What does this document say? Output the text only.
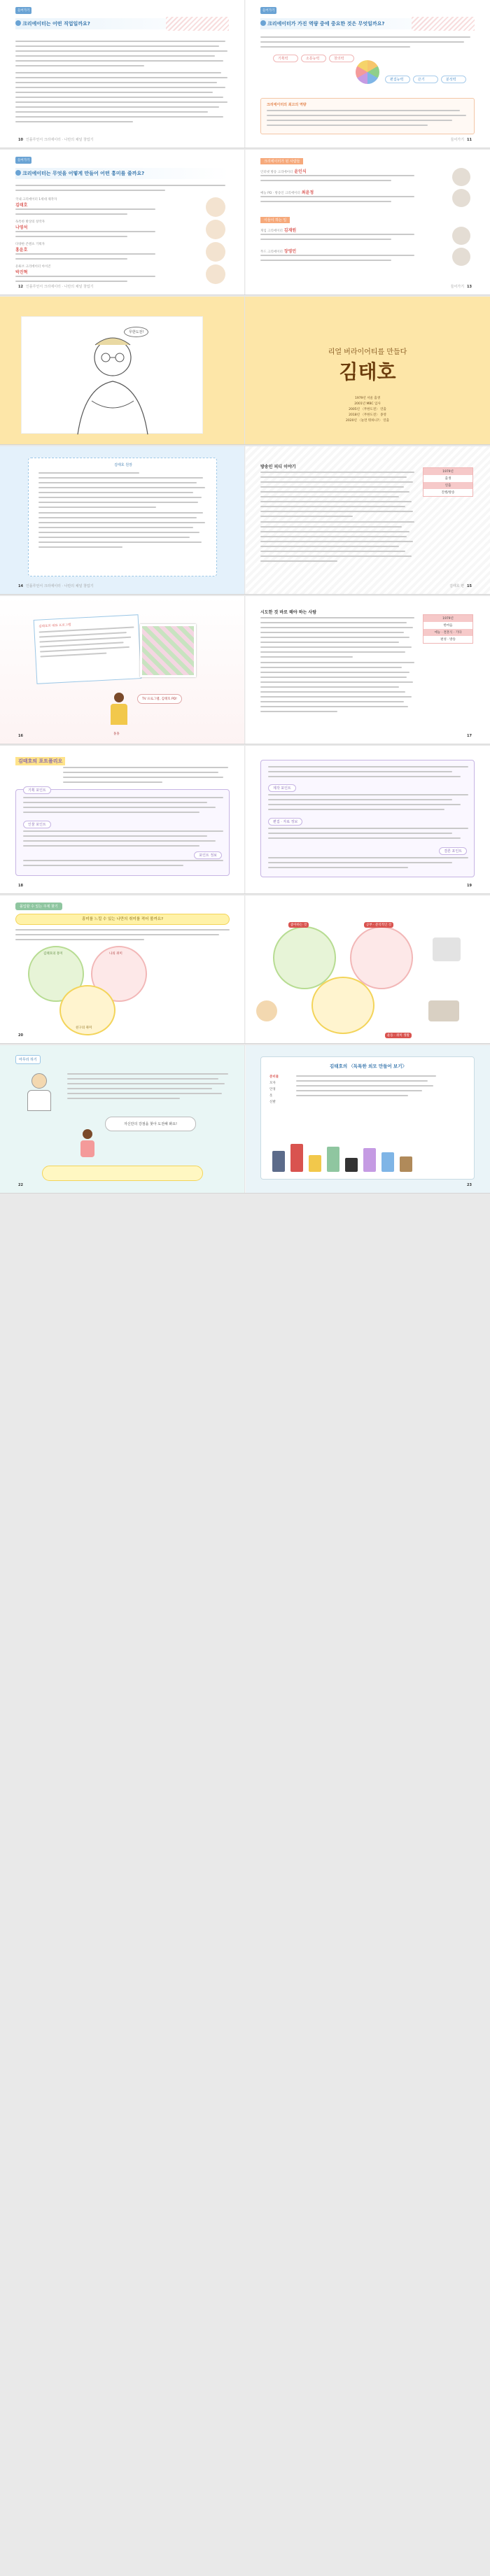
들어가기
크리에이터는 어떤 직업일까요?
10 인플루언서 크리에이터 · 나만의 채널 창업기
들어가기
크리에이터가 가진 역량 중에 중요한 것은 무엇일까요?
기획력	소통능력	창의력
편집능력	끈기	분석력
크리에이터의 최고의 역량
들어가기 11
들어가기
크리에이터는 무엇을 어떻게 만들어 어떤 흥미를 줄까요?
국내 크리에이터 1세대 제작자
김태호
독특한 발상의 창작자
나영석
다양한 콘텐츠 기획자
홍윤호
유튜브 크리에이터 아이콘
박진혁
12 인플루언서 크리에이터 · 나만의 채널 창업기
크리에이터가 된 사람들
인터넷 방송 크리에이터 윤인식
예능 PD · 방송인 크리에이터 최윤정
이들이 하는 일
게임 크리에이터 김재원
푸드 크리에이터 장영민
들어가기 13
무한도전!
리얼 버라이어티를 만들다
김태호
1979년 서울 출생
2001년 MBC 입사
2005년 〈무한도전〉 연출
2018년 〈무한도전〉 종영
2020년 〈놀면 뭐하니?〉 연출
김태호 원장
14 인플루언서 크리에이터 · 나만의 채널 창업기
방송인 피디 이야기
1979년
출생
연출
진행/방송
김태호 편 15
김태호의 대표 프로그램
TV 프로그램, 김태호 PD!
홍홍
16
시도한 것 바로 해야 하는 사람
1979년
한마음
예능 · 결혼식 · 기타
편성 · 방송
17
김태호의 포트폴리오
기획 포인트
인물 포인트
포인트 정보
18
제작 포인트
편집 · 자료 정보
결론 포인트
19
몰입할 수 있는 주제 찾기
흥미를 느낄 수 있는 나만의 취미를 적어 볼까요?
김태호의 흥미	나의 취미
친구의 취미
20
좋아하는 것	공부 · 분석적인 것
운동 · 취미 생활
마무리 하기
자신만의 강점을 찾아 도전해 봐요!
22
김태호의 〈독특한 외모 만들어 보기〉
준비물
모자
안경
옷
신발
23
